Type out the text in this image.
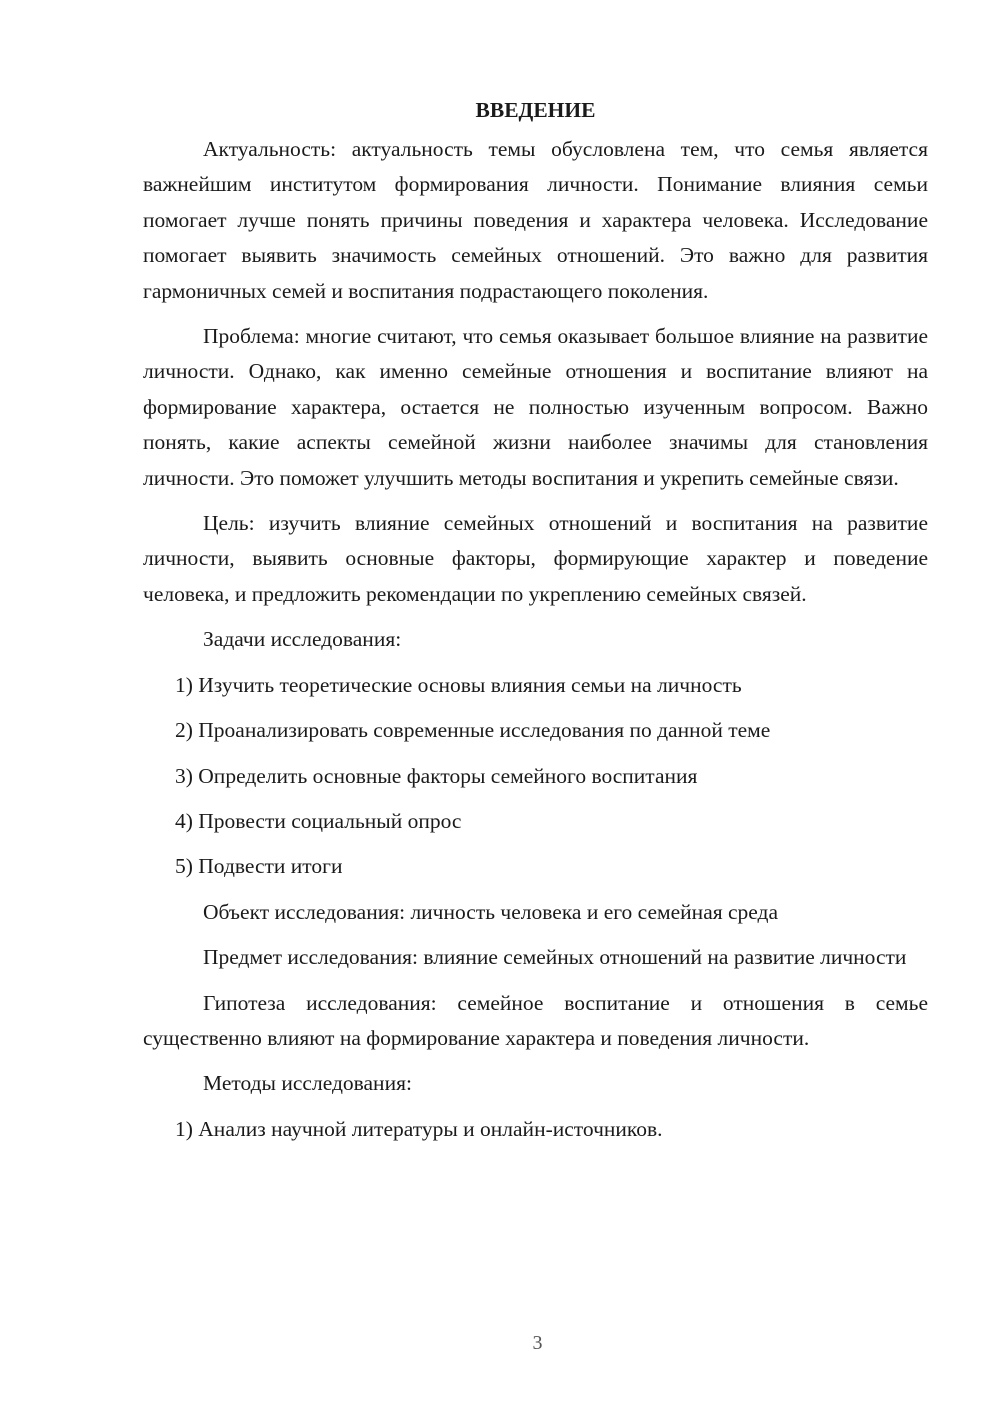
ВВЕДЕНИЕ

Актуальность: актуальность темы обусловлена тем, что семья является важнейшим институтом формирования личности. Понимание влияния семьи помогает лучше понять причины поведения и характера человека. Исследование помогает выявить значимость семейных отношений. Это важно для развития гармоничных семей и воспитания подрастающего поколения.

Проблема: многие считают, что семья оказывает большое влияние на развитие личности. Однако, как именно семейные отношения и воспитание влияют на формирование характера, остается не полностью изученным вопросом. Важно понять, какие аспекты семейной жизни наиболее значимы для становления личности. Это поможет улучшить методы воспитания и укрепить семейные связи.

Цель: изучить влияние семейных отношений и воспитания на развитие личности, выявить основные факторы, формирующие характер и поведение человека, и предложить рекомендации по укреплению семейных связей.

Задачи исследования:
1) Изучить теоретические основы влияния семьи на личность
2) Проанализировать современные исследования по данной теме
3) Определить основные факторы семейного воспитания
4) Провести социальный опрос
5) Подвести итоги
Объект исследования: личность человека и его семейная среда

Предмет исследования: влияние семейных отношений на развитие личности

Гипотеза исследования: семейное воспитание и отношения в семье существенно влияют на формирование характера и поведения личности.

Методы исследования:
1) Анализ научной литературы и онлайн-источников.
3
